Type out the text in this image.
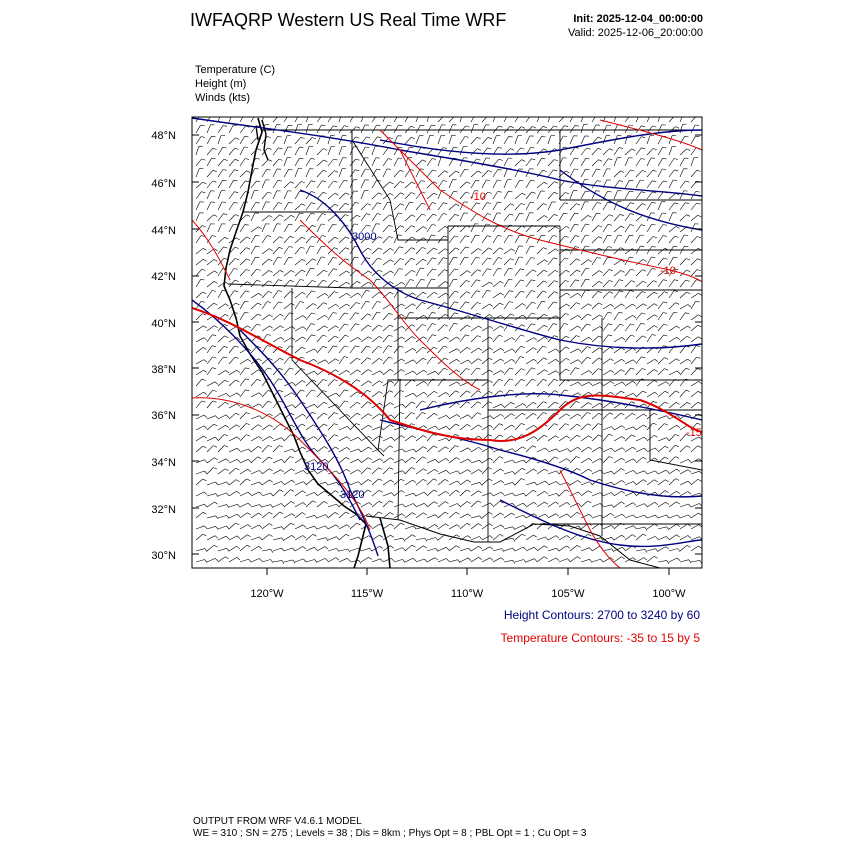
IWFAQRP Western US Real Time WRF	Init: 2025-12-04_00:00:00
Valid: 2025-12-06_20:00:00
Temperature (C)
Height (m)
Winds (kts)
3000
3120
3120
-10
-10
-15
48°N
46°N
44°N
42°N
40°N
38°N
36°N
34°N
32°N
30°N
120°W	115°W	110°W	105°W	100°W
Height Contours: 2700 to 3240 by 60
Temperature Contours: -35 to 15 by 5
OUTPUT FROM WRF V4.6.1 MODEL
WE = 310 ; SN = 275 ; Levels = 38 ; Dis = 8km ; Phys Opt = 8 ; PBL Opt = 1 ; Cu Opt = 3
